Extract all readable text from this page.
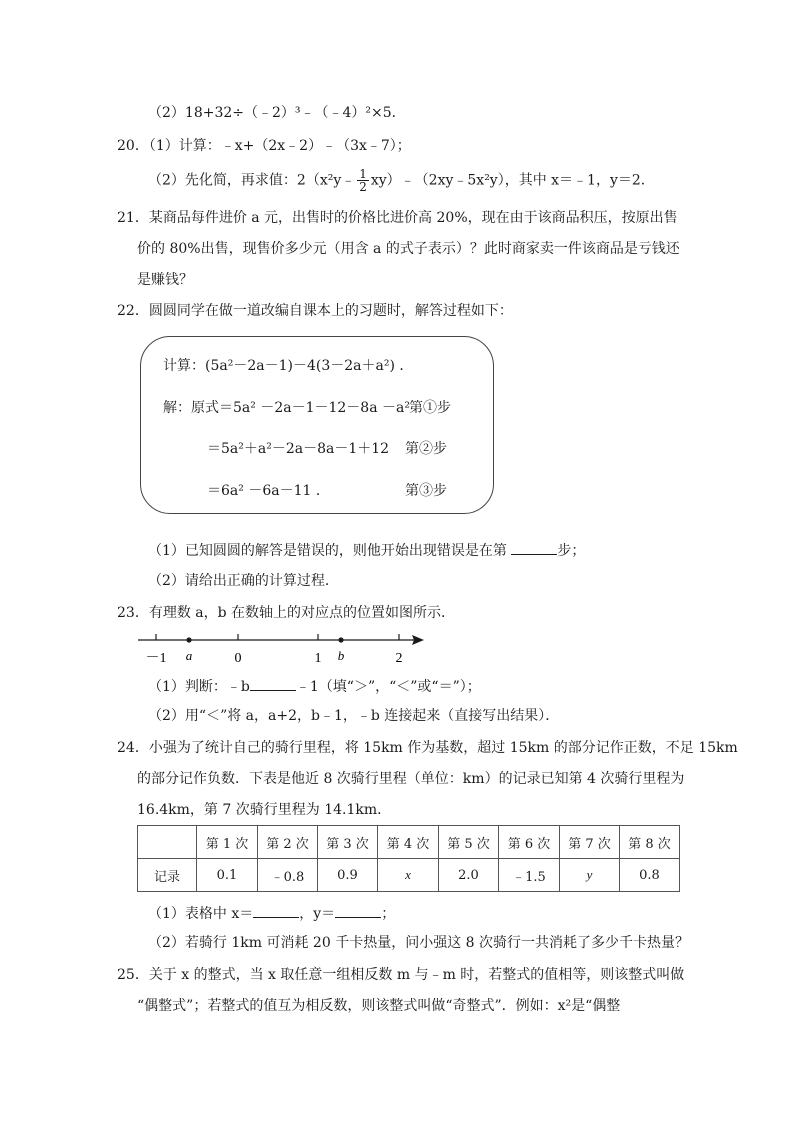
（2）18+32÷（﹣2）³﹣（﹣4）²×5．
20．（1）计算：﹣x+（2x﹣2）﹣（3x﹣7）；
（2）先化简，再求值：2（x²y﹣ $\frac{1}{2}$ xy）﹣（2xy﹣5x²y），其中 x＝﹣1，y＝2．
21．某商品每件进价 a 元，出售时的价格比进价高 20%，现在由于该商品积压，按原出售
价的 80%出售，现售价多少元（用含 a 的式子表示）？此时商家卖一件该商品是亏钱还
是赚钱？
22．圆圆同学在做一道改编自课本上的习题时，解答过程如下：
计算：(5a²－2a－1)－4(3－2a＋a²) ．
解：原式＝5a² －2a－1－12－8a －a² 第①步
＝5a²＋a²－2a－8a－1＋12 第②步
＝6a² －6a－11 ．	第③步
（1）已知圆圆的解答是错误的，则他开始出现错误是在第	步；
（2）请给出正确的计算过程．
23．有理数 a，b 在数轴上的对应点的位置如图所示．
－1 a	0	1 b	2
（1）判断：﹣b	﹣1（填“＞”，“＜”或“＝”）；
（2）用“＜”将 a，a+2，b﹣1，﹣b 连接起来（直接写出结果）．
24．小强为了统计自己的骑行里程，将 15km 作为基数，超过 15km 的部分记作正数，不足 15km
的部分记作负数．下表是他近 8 次骑行里程（单位：km）的记录已知第 4 次骑行里程为
16.4km，第 7 次骑行里程为 14.1km．
	第 1 次	第 2 次	第 3 次	第 4 次	第 5 次	第 6 次	第 7 次	第 8 次
记录	0.1	﹣0.8	0.9	x	2.0	﹣1.5	y	0.8
（1）表格中 x＝	，y＝	；
（2）若骑行 1km 可消耗 20 千卡热量，问小强这 8 次骑行一共消耗了多少千卡热量？
25．关于 x 的整式，当 x 取任意一组相反数 m 与﹣m 时，若整式的值相等，则该整式叫做
“偶整式”；若整式的值互为相反数，则该整式叫做“奇整式”．例如：x²是“偶整
